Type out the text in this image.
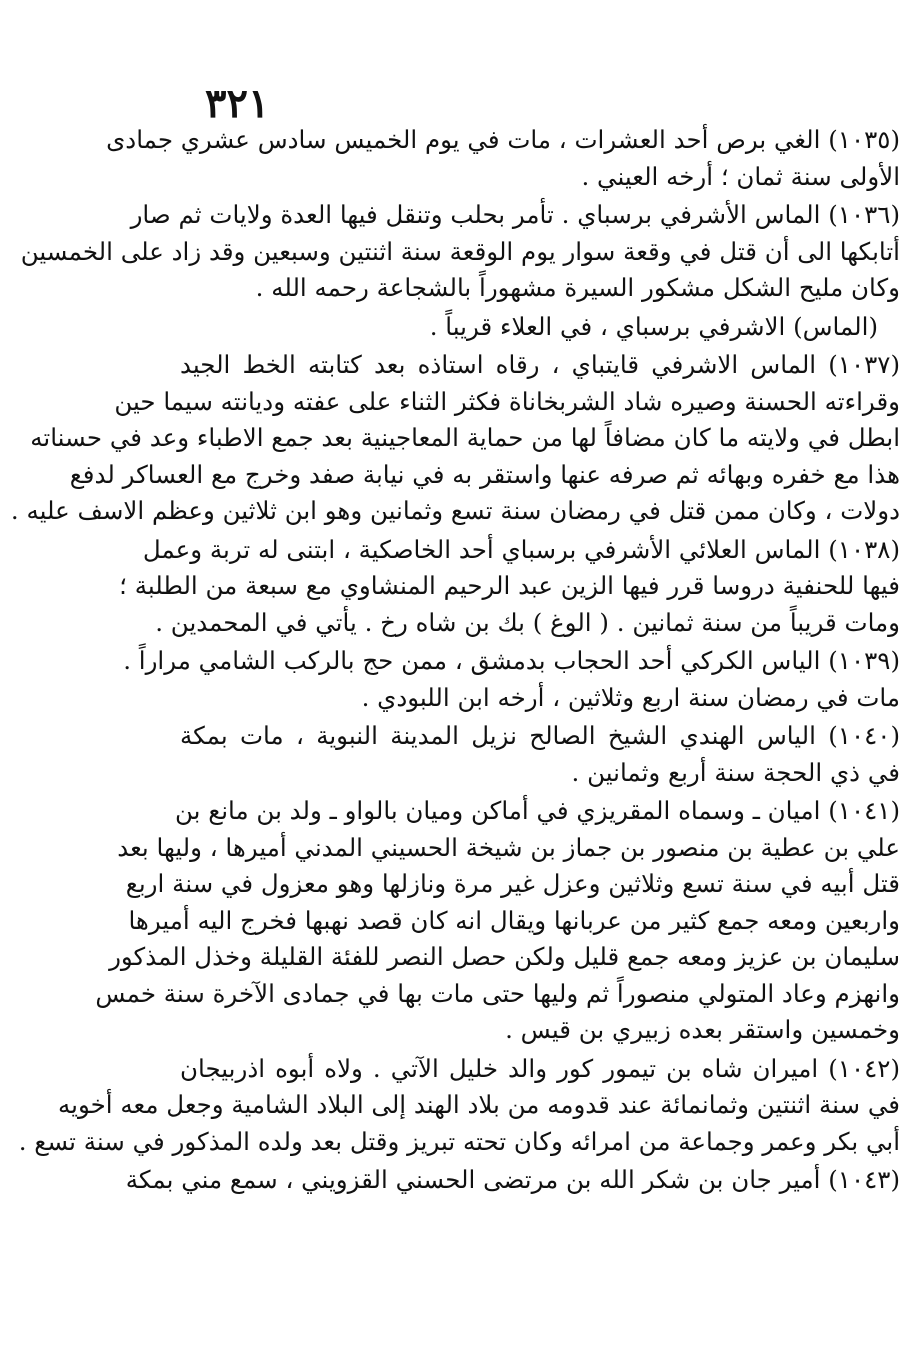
٣٢١
(١٠٣٥) الغي برص أحد العشرات ، مات في يوم الخميس سادس عشري جمادى
الأولى سنة ثمان ؛ أرخه العيني .
(١٠٣٦) الماس الأشرفي برسباي . تأمر بحلب وتنقل فيها العدة ولايات ثم صار
أتابكها الى أن قتل في وقعة سوار يوم الوقعة سنة اثنتين وسبعين وقد زاد على الخمسين
وكان مليح الشكل مشكور السيرة مشهوراً بالشجاعة رحمه الله .
(الماس) الاشرفي برسباي ، في العلاء قريباً .
(١٠٣٧) الماس الاشرفي قايتباي ، رقاه استاذه بعد كتابته الخط الجيد
وقراءته الحسنة وصيره شاد الشربخاناة فكثر الثناء على عفته وديانته سيما حين
ابطل في ولايته ما كان مضافاً لها من حماية المعاجينية بعد جمع الاطباء وعد في حسناته
هذا مع خفره وبهائه ثم صرفه عنها واستقر به في نيابة صفد وخرج مع العساكر لدفع
دولات ، وكان ممن قتل في رمضان سنة تسع وثمانين وهو ابن ثلاثين وعظم الاسف عليه .
(١٠٣٨) الماس العلائي الأشرفي برسباي أحد الخاصكية ، ابتنى له تربة وعمل
فيها للحنفية دروسا قرر فيها الزين عبد الرحيم المنشاوي مع سبعة من الطلبة ؛
ومات قريباً من سنة ثمانين . ( الوغ ) بك بن شاه رخ . يأتي في المحمدين .
(١٠٣٩) الياس الكركي أحد الحجاب بدمشق ، ممن حج بالركب الشامي مراراً .
مات في رمضان سنة اربع وثلاثين ، أرخه ابن اللبودي .
(١٠٤٠) الياس الهندي الشيخ الصالح نزيل المدينة النبوية ، مات بمكة
في ذي الحجة سنة أربع وثمانين .
(١٠٤١) اميان ـ وسماه المقريزي في أماكن وميان بالواو ـ ولد بن مانع بن
علي بن عطية بن منصور بن جماز بن شيخة الحسيني المدني أميرها ، وليها بعد
قتل أبيه في سنة تسع وثلاثين وعزل غير مرة ونازلها وهو معزول في سنة اربع
واربعين ومعه جمع كثير من عربانها ويقال انه كان قصد نهبها فخرج اليه أميرها
سليمان بن عزيز ومعه جمع قليل ولكن حصل النصر للفئة القليلة وخذل المذكور
وانهزم وعاد المتولي منصوراً ثم وليها حتى مات بها في جمادى الآخرة سنة خمس
وخمسين واستقر بعده زبيري بن قيس .
(١٠٤٢) اميران شاه بن تيمور كور والد خليل الآتي . ولاه أبوه اذربيجان
في سنة اثنتين وثمانمائة عند قدومه من بلاد الهند إلى البلاد الشامية وجعل معه أخويه
أبي بكر وعمر وجماعة من امرائه وكان تحته تبريز وقتل بعد ولده المذكور في سنة تسع .
(١٠٤٣) أمير جان بن شكر الله بن مرتضى الحسني القزويني ، سمع مني بمكة
